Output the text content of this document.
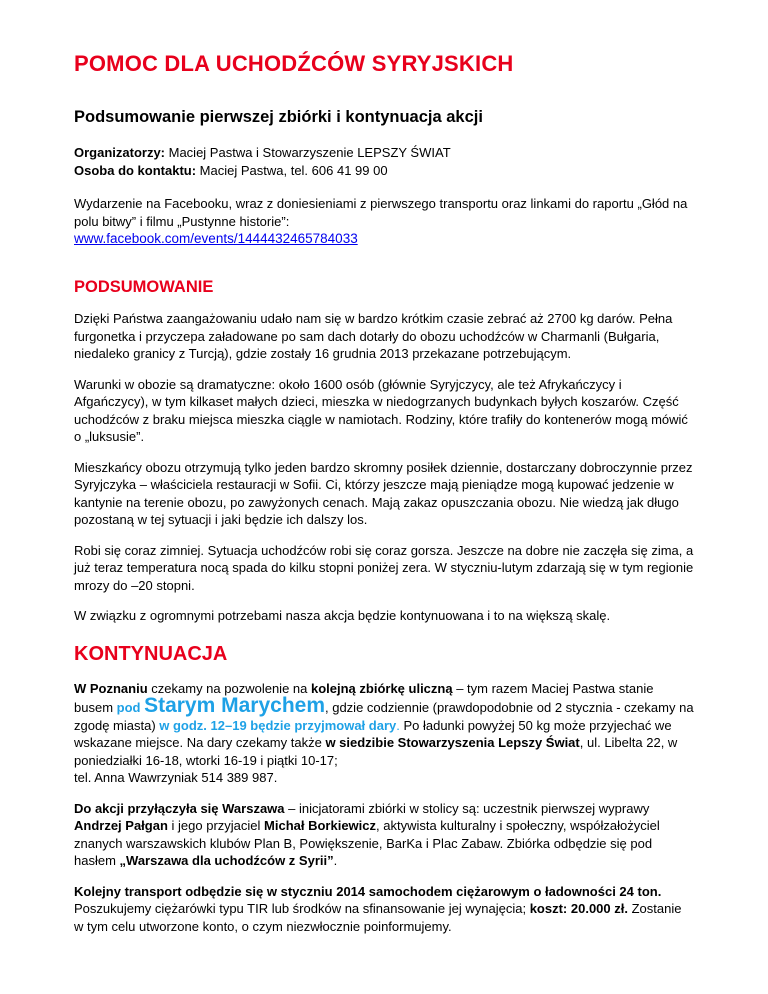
POMOC DLA UCHODŹCÓW SYRYJSKICH
Podsumowanie pierwszej zbiórki i kontynuacja akcji
Organizatorzy: Maciej Pastwa i Stowarzyszenie LEPSZY ŚWIAT
Osoba do kontaktu: Maciej Pastwa, tel. 606 41 99 00

Wydarzenie na Facebooku, wraz z doniesieniami z pierwszego transportu oraz linkami do raportu „Głód na polu bitwy” i filmu „Pustynne historie”:

www.facebook.com/events/1444432465784033
PODSUMOWANIE

Dzięki Państwa zaangażowaniu udało nam się w bardzo krótkim czasie zebrać aż 2700 kg darów. Pełna furgonetka i przyczepa załadowane po sam dach dotarły do obozu uchodźców w Charmanli (Bułgaria, niedaleko granicy z Turcją), gdzie zostały 16 grudnia 2013 przekazane potrzebującym.

Warunki w obozie są dramatyczne: około 1600 osób (głównie Syryjczycy, ale też Afrykańczycy i Afgańczycy), w tym kilkaset małych dzieci, mieszka w niedogrzanych budynkach byłych koszarów. Część uchodźców z braku miejsca mieszka ciągle w namiotach. Rodziny, które trafiły do kontenerów mogą mówić o „luksusie”.

Mieszkańcy obozu otrzymują tylko jeden bardzo skromny posiłek dziennie, dostarczany dobroczynnie przez Syryjczyka – właściciela restauracji w Sofii. Ci, którzy jeszcze mają pieniądze mogą kupować jedzenie w kantynie na terenie obozu, po zawyżonych cenach. Mają zakaz opuszczania obozu. Nie wiedzą jak długo pozostaną w tej sytuacji i jaki będzie ich dalszy los.

Robi się coraz zimniej. Sytuacja uchodźców robi się coraz gorsza. Jeszcze na dobre nie zaczęła się zima, a już teraz temperatura nocą spada do kilku stopni poniżej zera. W styczniu-lutym zdarzają się w tym regionie mrozy do –20 stopni.

W związku z ogromnymi potrzebami nasza akcja będzie kontynuowana i to na większą skalę.

KONTYNUACJA

W Poznaniu czekamy na pozwolenie na kolejną zbiórkę uliczną – tym razem Maciej Pastwa stanie busem pod Starym Marychem, gdzie codziennie (prawdopodobnie od 2 stycznia - czekamy na zgodę miasta) w godz. 12–19 będzie przyjmował dary. Po ładunki powyżej 50 kg może przyjechać we wskazane miejsce. Na dary czekamy także w siedzibie Stowarzyszenia Lepszy Świat, ul. Libelta 22, w poniedziałki 16-18, wtorki 16-19 i piątki 10-17;
tel. Anna Wawrzyniak 514 389 987.

Do akcji przyłączyła się Warszawa – inicjatorami zbiórki w stolicy są: uczestnik pierwszej wyprawy Andrzej Pałgan i jego przyjaciel Michał Borkiewicz, aktywista kulturalny i społeczny, współzałożyciel znanych warszawskich klubów Plan B, Powiększenie, BarKa i Plac Zabaw. Zbiórka odbędzie się pod hasłem „Warszawa dla uchodźców z Syrii”.

Kolejny transport odbędzie się w styczniu 2014 samochodem ciężarowym o ładowności 24 ton. Poszukujemy ciężarówki typu TIR lub środków na sfinansowanie jej wynajęcia; koszt: 20.000 zł. Zostanie w tym celu utworzone konto, o czym niezwłocznie poinformujemy.
